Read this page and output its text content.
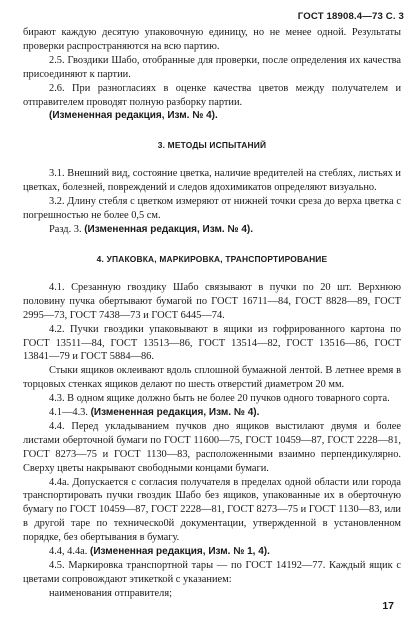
ГОСТ 18908.4—73 С. 3

бирают каждую десятую упаковочную единицу, но не менее одной. Результаты проверки распространяются на всю партию.

2.5. Гвоздики Шабо, отобранные для проверки, после определения их качества присоединяют к партии.

2.6. При разногласиях в оценке качества цветов между получателем и отправителем проводят полную разборку партии.

(Измененная редакция, Изм. № 4).

3. МЕТОДЫ ИСПЫТАНИЙ

3.1. Внешний вид, состояние цветка, наличие вредителей на стеблях, листьях и цветках, болезней, повреждений и следов ядохимикатов определяют визуально.

3.2. Длину стебля с цветком измеряют от нижней точки среза до верха цветка с погрешностью не более 0,5 см.

Разд. 3. (Измененная редакция, Изм. № 4).

4. УПАКОВКА, МАРКИРОВКА, ТРАНСПОРТИРОВАНИЕ

4.1. Срезанную гвоздику Шабо связывают в пучки по 20 шт. Верхнюю половину пучка обертывают бумагой по ГОСТ 16711—84, ГОСТ 8828—89, ГОСТ 2995—73, ГОСТ 7438—73 и ГОСТ 6445—74.

4.2. Пучки гвоздики упаковывают в ящики из гофрированного картона по ГОСТ 13511—84, ГОСТ 13513—86, ГОСТ 13514—82, ГОСТ 13516—86, ГОСТ 13841—79 и ГОСТ 5884—86.

Стыки ящиков оклеивают вдоль сплошной бумажной лентой. В летнее время в торцовых стенках ящиков делают по шесть отверстий диаметром 20 мм.

4.3. В одном ящике должно быть не более 20 пучков одного товарного сорта.

4.1—4.3. (Измененная редакция, Изм. № 4).

4.4. Перед укладыванием пучков дно ящиков выстилают двумя и более листами оберточной бумаги по ГОСТ 11600—75, ГОСТ 10459—87, ГОСТ 2228—81, ГОСТ 8273—75 и ГОСТ 1130—83, расположенными взаимно перпендикулярно. Сверху цветы накрывают свободными концами бумаги.

4.4а. Допускается с согласия получателя в пределах одной области или города транспортировать пучки гвоздик Шабо без ящиков, упакованные их в оберточную бумагу по ГОСТ 10459—87, ГОСТ 2228—81, ГОСТ 8273—75 и ГОСТ 1130—83, или в другой таре по техническо0й документации, утвержденной в установленном порядке, без обертывания в бумагу.

4.4, 4.4а. (Измененная редакция, Изм. № 1, 4).

4.5. Маркировка транспортной тары — по ГОСТ 14192—77. Каждый ящик с цветами сопровождают этикеткой с указанием:

наименования отправителя;

17
